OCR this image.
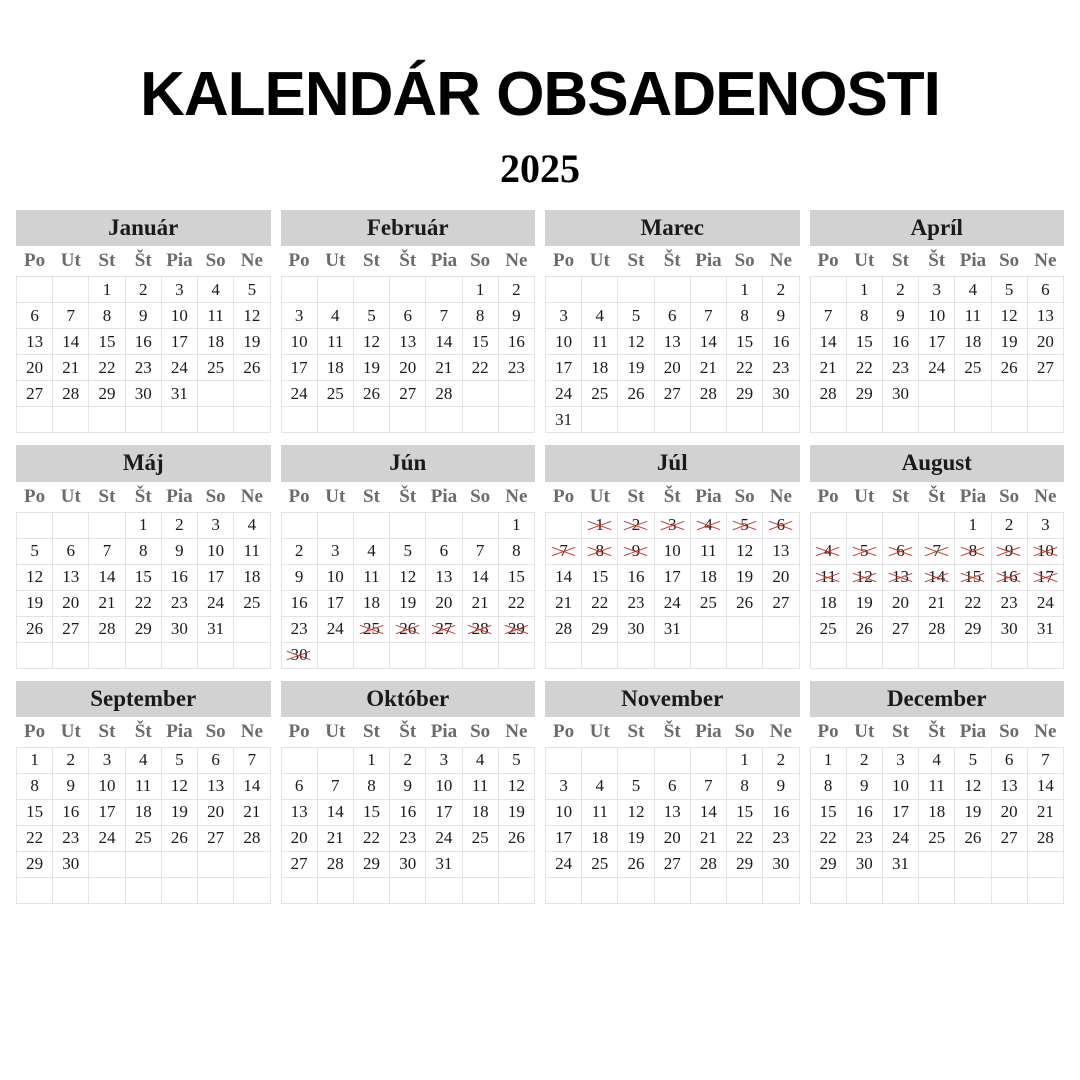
KALENDÁR OBSADENOSTI
2025
Január
Po	Ut	St	Št	Pia	So	Ne
		1	2	3	4	5
6	7	8	9	10	11	12
13	14	15	16	17	18	19
20	21	22	23	24	25	26
27	28	29	30	31		

Február
Po	Ut	St	Št	Pia	So	Ne
					1	2
3	4	5	6	7	8	9
10	11	12	13	14	15	16
17	18	19	20	21	22	23
24	25	26	27	28		

Marec
Po	Ut	St	Št	Pia	So	Ne
					1	2
3	4	5	6	7	8	9
10	11	12	13	14	15	16
17	18	19	20	21	22	23
24	25	26	27	28	29	30
31						
Apríl
Po	Ut	St	Št	Pia	So	Ne
	1	2	3	4	5	6
7	8	9	10	11	12	13
14	15	16	17	18	19	20
21	22	23	24	25	26	27
28	29	30				

Máj
Po	Ut	St	Št	Pia	So	Ne
			1	2	3	4
5	6	7	8	9	10	11
12	13	14	15	16	17	18
19	20	21	22	23	24	25
26	27	28	29	30	31	

Jún
Po	Ut	St	Št	Pia	So	Ne
						1
2	3	4	5	6	7	8
9	10	11	12	13	14	15
16	17	18	19	20	21	22
23	24	25	26	27	28	29
30						
Júl
Po	Ut	St	Št	Pia	So	Ne
	1	2	3	4	5	6
7	8	9	10	11	12	13
14	15	16	17	18	19	20
21	22	23	24	25	26	27
28	29	30	31			

August
Po	Ut	St	Št	Pia	So	Ne
				1	2	3
4	5	6	7	8	9	10
11	12	13	14	15	16	17
18	19	20	21	22	23	24
25	26	27	28	29	30	31

September
Po	Ut	St	Št	Pia	So	Ne
1	2	3	4	5	6	7
8	9	10	11	12	13	14
15	16	17	18	19	20	21
22	23	24	25	26	27	28
29	30					

Október
Po	Ut	St	Št	Pia	So	Ne
		1	2	3	4	5
6	7	8	9	10	11	12
13	14	15	16	17	18	19
20	21	22	23	24	25	26
27	28	29	30	31		

November
Po	Ut	St	Št	Pia	So	Ne
					1	2
3	4	5	6	7	8	9
10	11	12	13	14	15	16
17	18	19	20	21	22	23
24	25	26	27	28	29	30

December
Po	Ut	St	Št	Pia	So	Ne
1	2	3	4	5	6	7
8	9	10	11	12	13	14
15	16	17	18	19	20	21
22	23	24	25	26	27	28
29	30	31				
